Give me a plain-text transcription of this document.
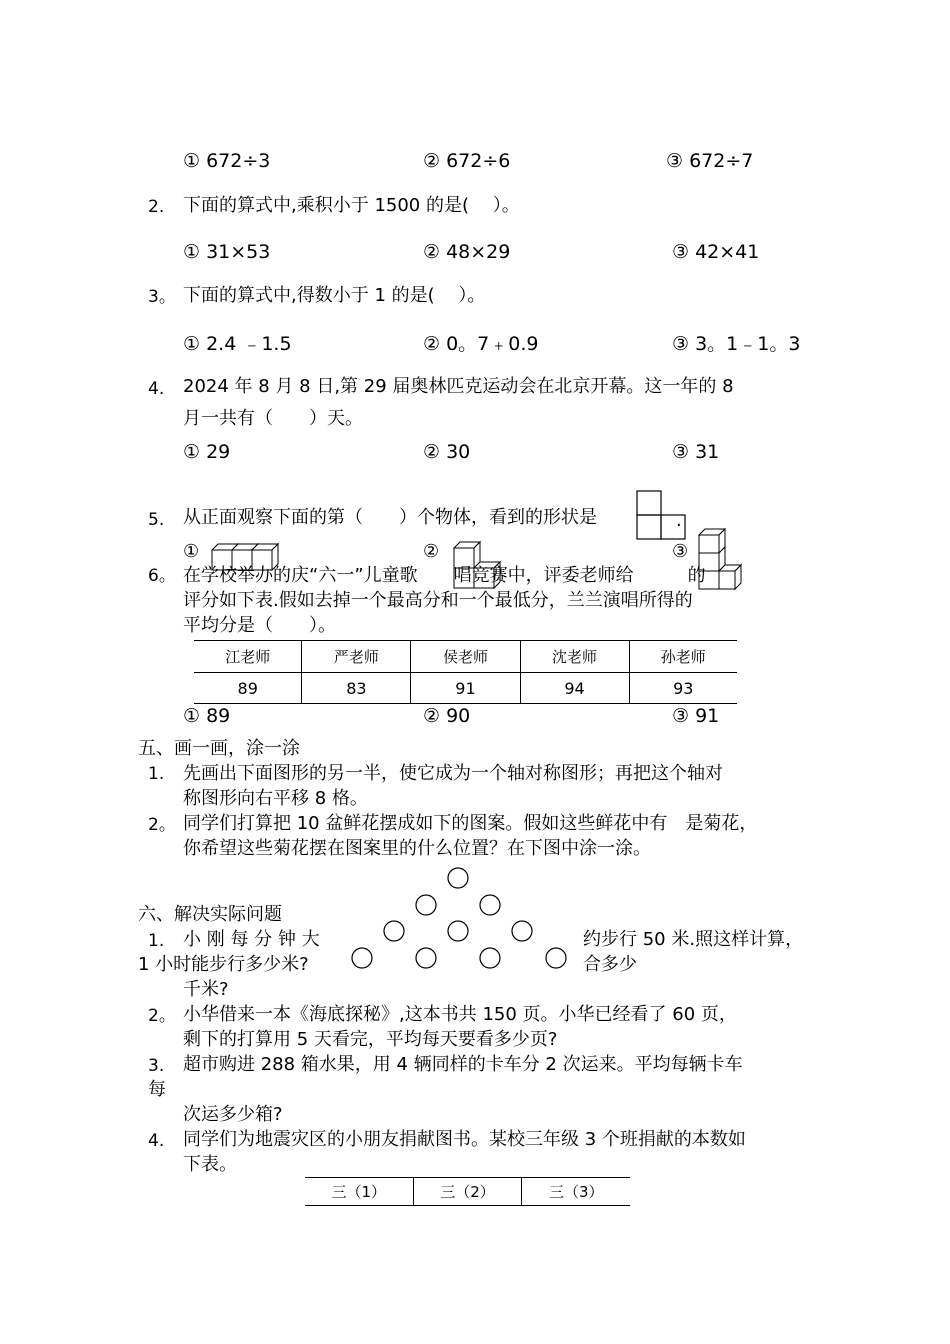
① 672÷3	② 672÷6	③ 672÷7
2. 下面的算式中,乘积小于 1500 的是(　 ）。
① 31×53	② 48×29	③ 42×41
3。 下面的算式中,得数小于 1 的是(　 ）。
① 2.4 ﹣1.5	② 0。7﹢0.9	③ 3。1﹣1。3
4. 2024 年 8 月 8 日,第 29 届奥林匹克运动会在北京开幕。这一年的 8
月一共有（　　）天。
① 29	② 30	③ 31
5. 从正面观察下面的第（　　）个物体，看到的形状是	.
①	②	③
6。 在学校举办的庆“六一”儿童歌　　唱竞赛中，评委老师给　　　的
评分如下表.假如去掉一个最高分和一个最低分，兰兰演唱所得的
平均分是（　　）。
江老师	严老师	侯老师	沈老师	孙老师
89	83	91	94	93
① 89	② 90	③ 91
五、画一画，涂一涂
1. 先画出下面图形的另一半，使它成为一个轴对称图形；再把这个轴对
称图形向右平移 8 格。
2。 同学们打算把 10 盆鲜花摆成如下的图案。假如这些鲜花中有　是菊花，
你希望这些菊花摆在图案里的什么位置？在下图中涂一涂。
六、解决实际问题
1. 小 刚 每 分 钟 大	约步行 50 米.照这样计算，
1 小时能步行多少米?	合多少
千米?
2。 小华借来一本《海底探秘》,这本书共 150 页。小华已经看了 60 页，
剩下的打算用 5 天看完，平均每天要看多少页?
3. 超市购进 288 箱水果，用 4 辆同样的卡车分 2 次运来。平均每辆卡车
每
次运多少箱?
4. 同学们为地震灾区的小朋友捐献图书。某校三年级 3 个班捐献的本数如
下表。
三（1）	三（2）	三（3）
